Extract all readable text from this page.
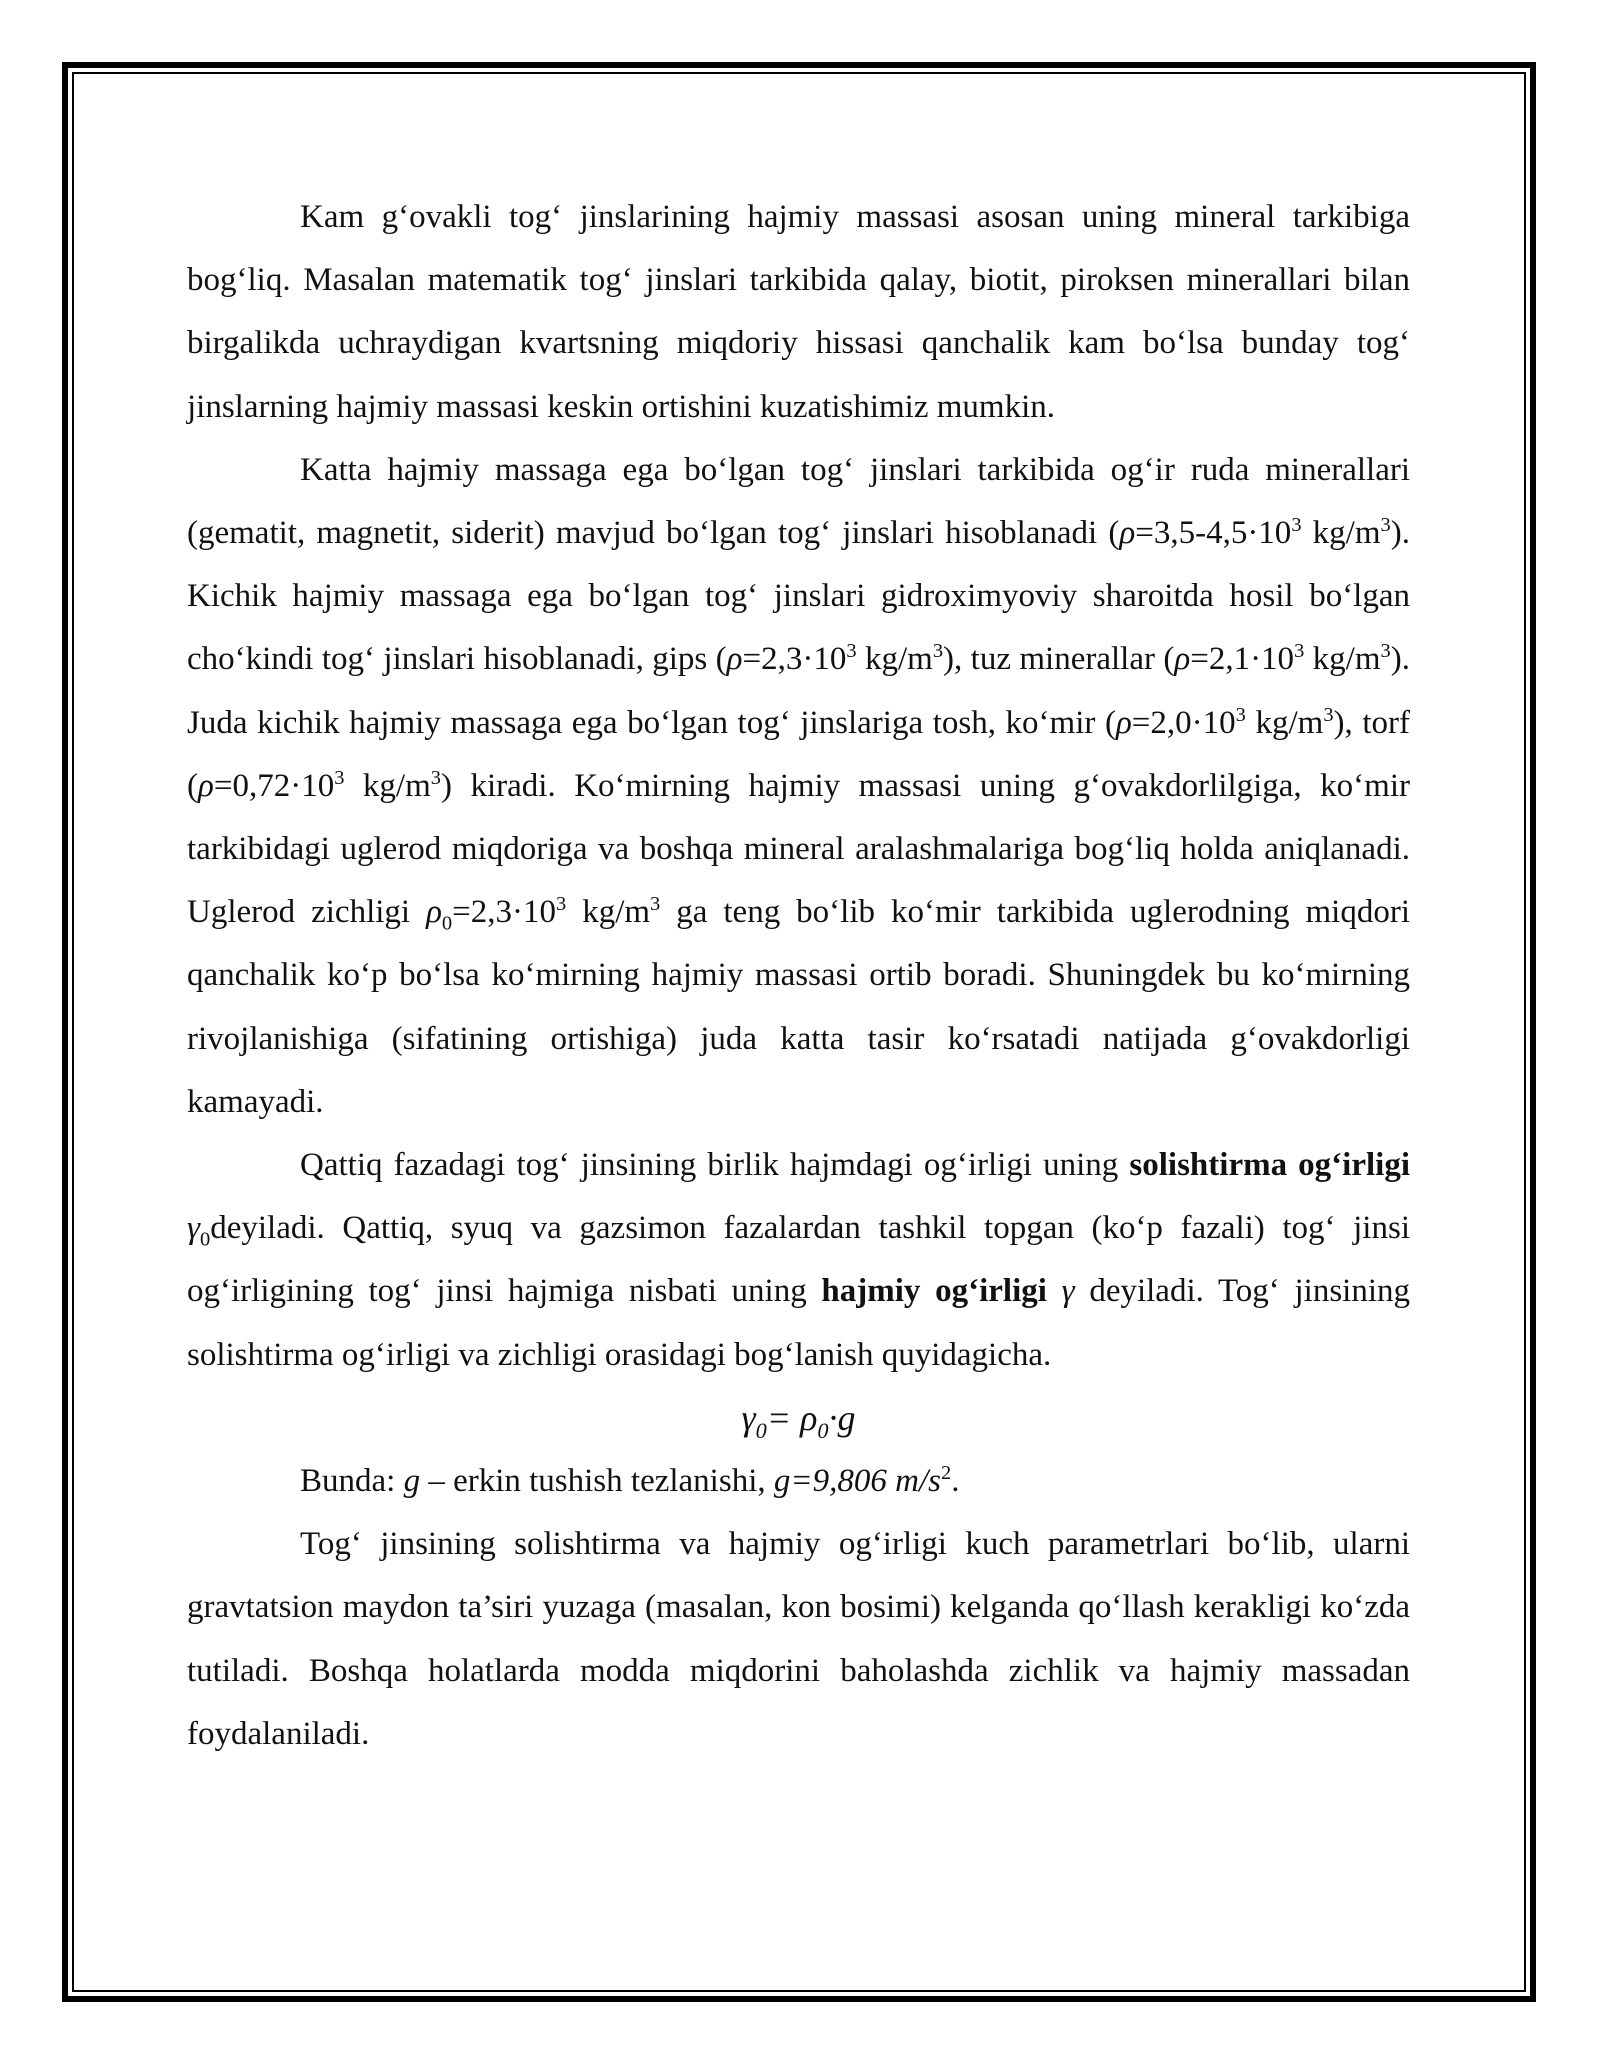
Kam g‘ovakli tog‘ jinslarining hajmiy massasi asosan uning mineral tarkibiga bog‘liq. Masalan matematik tog‘ jinslari tarkibida qalay, biotit, piroksen minerallari bilan birgalikda uchraydigan kvartsning miqdoriy hissasi qanchalik kam bo‘lsa bunday tog‘ jinslarning hajmiy massasi keskin ortishini kuzatishimiz mumkin.

Katta hajmiy massaga ega bo‘lgan tog‘ jinslari tarkibida og‘ir ruda minerallari (gematit, magnetit, siderit) mavjud bo‘lgan tog‘ jinslari hisoblanadi ($\rho=3,5-4,5\cdot 10^3$ $kg/m^3$). Kichik hajmiy massaga ega bo‘lgan tog‘ jinslari gidroximyoviy sharoitda hosil bo‘lgan cho‘kindi tog‘ jinslari hisoblanadi, gips ($\rho=2,3\cdot 10^3$ $kg/m^3$), tuz minerallar ($\rho=2,1\cdot 10^3$ $kg/m^3$). Juda kichik hajmiy massaga ega bo‘lgan tog‘ jinslariga tosh, ko‘mir ($\rho=2,0\cdot 10^3$ $kg/m^3$), torf ($\rho=0,72\cdot 10^3$ $kg/m^3$) kiradi. Ko‘mirning hajmiy massasi uning g‘ovakdorlilgiga, ko‘mir tarkibidagi uglerod miqdoriga va boshqa mineral aralashmalariga bog‘liq holda aniqlanadi. Uglerod zichligi $\rho_0=2,3\cdot 10^3$ $kg/m^3$ ga teng bo‘lib ko‘mir tarkibida uglerodning miqdori qanchalik ko‘p bo‘lsa ko‘mirning hajmiy massasi ortib boradi. Shuningdek bu ko‘mirning rivojlanishiga (sifatining ortishiga) juda katta tasir ko‘rsatadi natijada g‘ovakdorligi kamayadi.

Qattiq fazadagi tog‘ jinsining birlik hajmdagi og‘irligi uning solishtirma og‘irligi $\gamma_0deyiladi$. Qattiq, syuq va gazsimon fazalardan tashkil topgan (ko‘p fazali) tog‘ jinsi og‘irligining tog‘ jinsi hajmiga nisbati uning hajmiy og‘irligi γ deyiladi. Tog‘ jinsining solishtirma og‘irligi va zichligi orasidagi bog‘lanish quyidagicha.

$\gamma_0= \rho_0\cdot g$

Bunda: g – erkin tushish tezlanishi, g=9,806 $m/s^2$.

Tog‘ jinsining solishtirma va hajmiy og‘irligi kuch parametrlari bo‘lib, ularni gravtatsion maydon ta’siri yuzaga (masalan, kon bosimi) kelganda qo‘llash kerakligi ko‘zda tutiladi. Boshqa holatlarda modda miqdorini baholashda zichlik va hajmiy massadan foydalaniladi.
